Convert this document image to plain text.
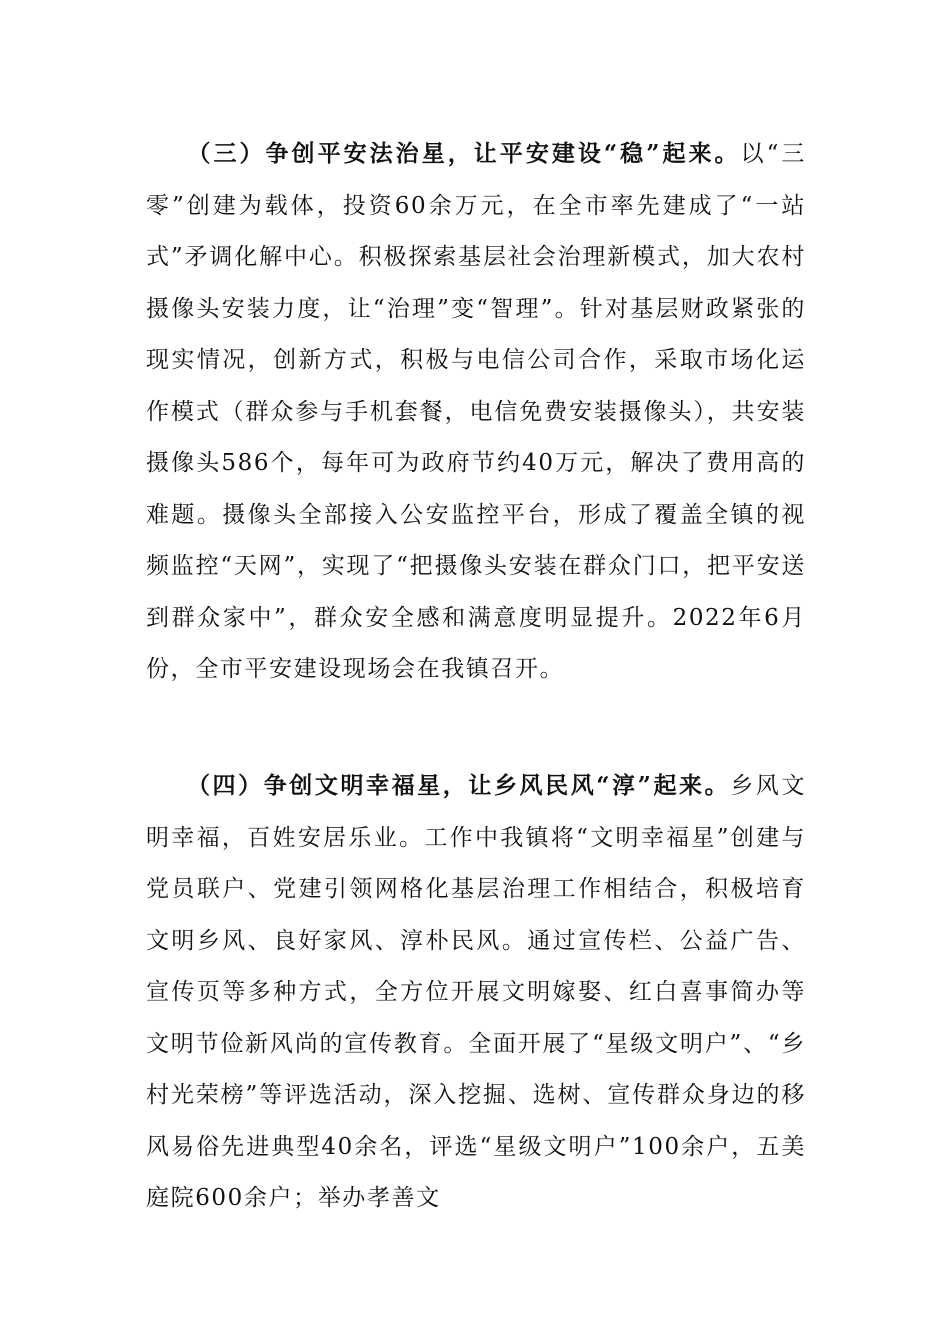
（三）争创平安法治星，让平安建设“稳”起来。以“三零”创建为载体，投资60余万元，在全市率先建成了“一站式”矛调化解中心。积极探索基层社会治理新模式，加大农村摄像头安装力度，让“治理”变“智理”。针对基层财政紧张的现实情况，创新方式，积极与电信公司合作，采取市场化运作模式（群众参与手机套餐，电信免费安装摄像头），共安装摄像头586个，每年可为政府节约40万元，解决了费用高的难题。摄像头全部接入公安监控平台，形成了覆盖全镇的视频监控“天网”，实现了“把摄像头安装在群众门口，把平安送到群众家中”，群众安全感和满意度明显提升。2022年6月份，全市平安建设现场会在我镇召开。

（四）争创文明幸福星，让乡风民风“淳”起来。乡风文明幸福，百姓安居乐业。工作中我镇将“文明幸福星”创建与党员联户、党建引领网格化基层治理工作相结合，积极培育文明乡风、良好家风、淳朴民风。通过宣传栏、公益广告、宣传页等多种方式，全方位开展文明嫁娶、红白喜事简办等文明节俭新风尚的宣传教育。全面开展了“星级文明户”、“乡村光荣榜”等评选活动，深入挖掘、选树、宣传群众身边的移风易俗先进典型40余名，评选“星级文明户”100余户，五美庭院600余户；举办孝善文
